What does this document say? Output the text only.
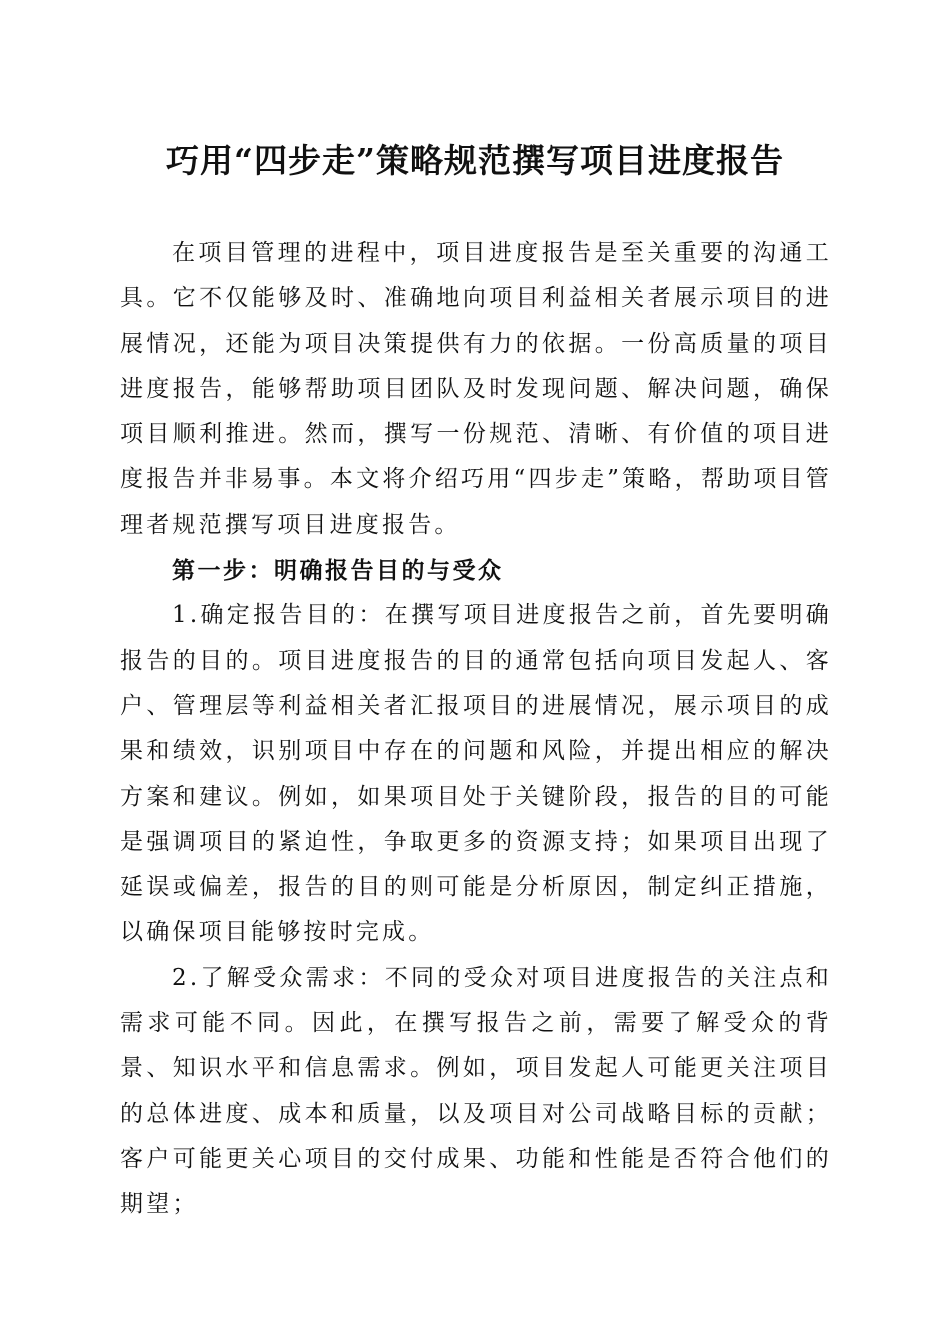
巧用“四步走”策略规范撰写项目进度报告

在项目管理的进程中，项目进度报告是至关重要的沟通工具。它不仅能够及时、准确地向项目利益相关者展示项目的进展情况，还能为项目决策提供有力的依据。一份高质量的项目进度报告，能够帮助项目团队及时发现问题、解决问题，确保项目顺利推进。然而，撰写一份规范、清晰、有价值的项目进度报告并非易事。本文将介绍巧用“四步走”策略，帮助项目管理者规范撰写项目进度报告。

第一步：明确报告目的与受众

1.确定报告目的：在撰写项目进度报告之前，首先要明确报告的目的。项目进度报告的目的通常包括向项目发起人、客户、管理层等利益相关者汇报项目的进展情况，展示项目的成果和绩效，识别项目中存在的问题和风险，并提出相应的解决方案和建议。例如，如果项目处于关键阶段，报告的目的可能是强调项目的紧迫性，争取更多的资源支持；如果项目出现了延误或偏差，报告的目的则可能是分析原因，制定纠正措施，以确保项目能够按时完成。

2.了解受众需求：不同的受众对项目进度报告的关注点和需求可能不同。因此，在撰写报告之前，需要了解受众的背景、知识水平和信息需求。例如，项目发起人可能更关注项目的总体进度、成本和质量，以及项目对公司战略目标的贡献；客户可能更关心项目的交付成果、功能和性能是否符合他们的期望；
